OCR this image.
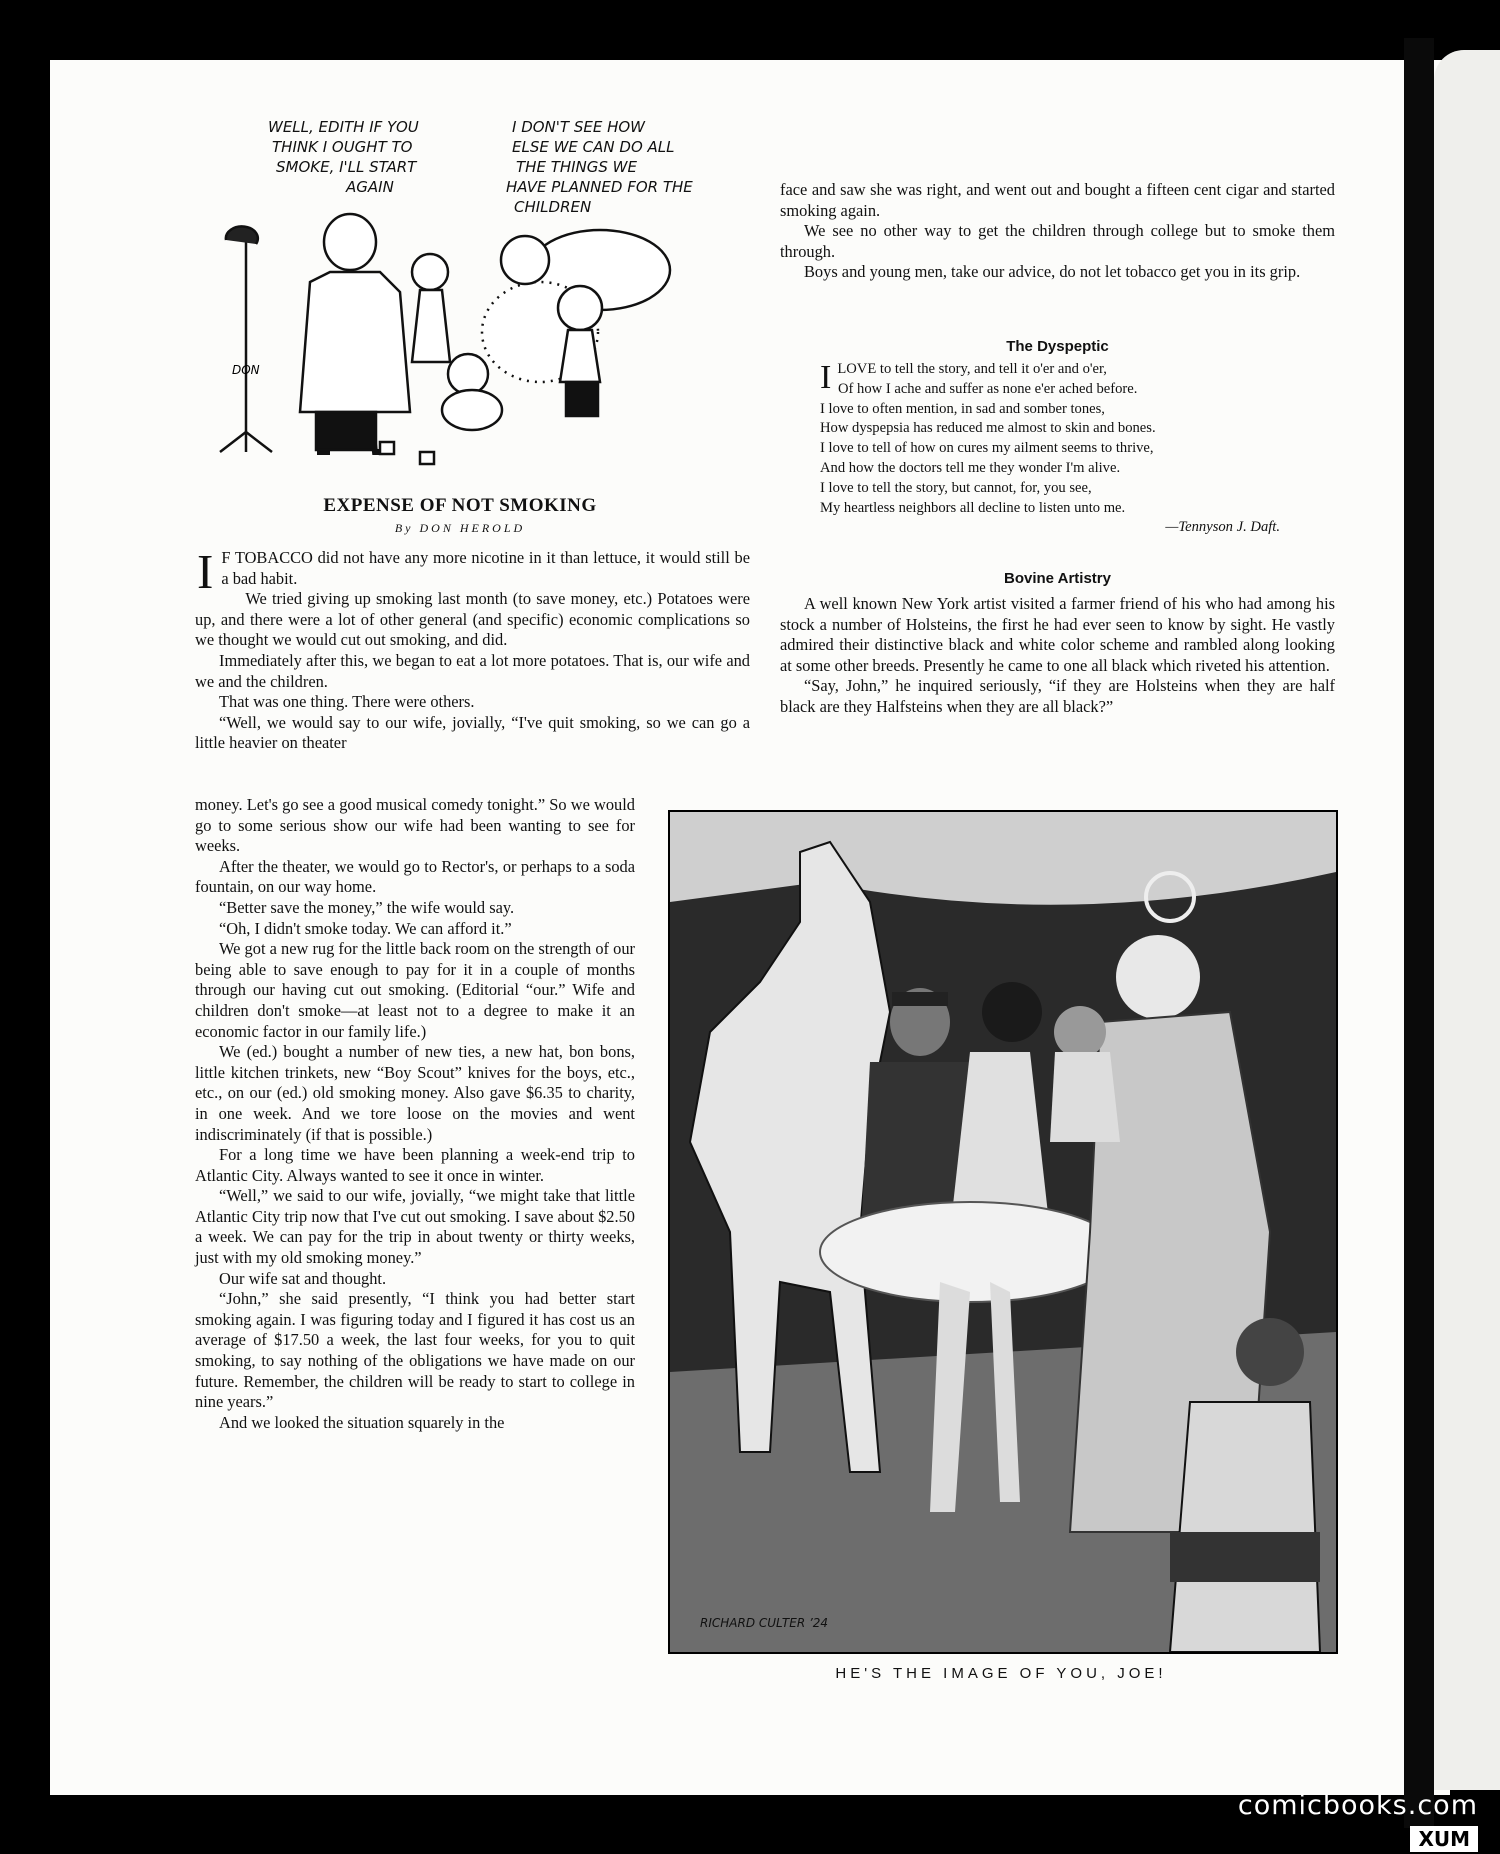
WELL, EDITH IF YOU
THINK I OUGHT TO
SMOKE, I'LL START
AGAIN
I DON'T SEE HOW
ELSE WE CAN DO ALL
THE THINGS WE
HAVE PLANNED FOR THE
CHILDREN
DON
EXPENSE OF NOT SMOKING
By DON HEROLD

I F TOBACCO did not have any more nicotine in it than lettuce, it would still be a bad habit.

We tried giving up smoking last month (to save money, etc.) Potatoes were up, and there were a lot of other general (and specific) economic complications so we thought we would cut out smoking, and did.

Immediately after this, we began to eat a lot more potatoes. That is, our wife and we and the children.

That was one thing. There were others.

“Well, we would say to our wife, jovially, “I've quit smoking, so we can go a little heavier on theater

money. Let's go see a good musical comedy tonight.” So we would go to some serious show our wife had been wanting to see for weeks.

After the theater, we would go to Rector's, or perhaps to a soda fountain, on our way home.

“Better save the money,” the wife would say.

“Oh, I didn't smoke today. We can afford it.”

We got a new rug for the little back room on the strength of our being able to save enough to pay for it in a couple of months through our having cut out smoking. (Editorial “our.” Wife and children don't smoke—at least not to a degree to make it an economic factor in our family life.)

We (ed.) bought a number of new ties, a new hat, bon bons, little kitchen trinkets, new “Boy Scout” knives for the boys, etc., etc., on our (ed.) old smoking money. Also gave $6.35 to charity, in one week. And we tore loose on the movies and went indiscriminately (if that is possible.)

For a long time we have been planning a week-end trip to Atlantic City. Always wanted to see it once in winter.

“Well,” we said to our wife, jovially, “we might take that little Atlantic City trip now that I've cut out smoking. I save about $2.50 a week. We can pay for the trip in about twenty or thirty weeks, just with my old smoking money.”

Our wife sat and thought.

“John,” she said presently, “I think you had better start smoking again. I was figuring today and I figured it has cost us an average of $17.50 a week, the last four weeks, for you to quit smoking, to say nothing of the obligations we have made on our future. Remember, the children will be ready to start to college in nine years.”

And we looked the situation squarely in the

face and saw she was right, and went out and bought a fifteen cent cigar and started smoking again.

We see no other way to get the children through college but to smoke them through.

Boys and young men, take our advice, do not let tobacco get you in its grip.

The Dyspeptic
ILOVE to tell the story, and tell it o'er and o'er,
Of how I ache and suffer as none e'er ached before.
I love to often mention, in sad and somber tones,
How dyspepsia has reduced me almost to skin and bones.
I love to tell of how on cures my ailment seems to thrive,
And how the doctors tell me they wonder I'm alive.
I love to tell the story, but cannot, for, you see,
My heartless neighbors all decline to listen unto me.
—Tennyson J. Daft.
Bovine Artistry

A well known New York artist visited a farmer friend of his who had among his stock a number of Holsteins, the first he had ever seen to know by sight. He vastly admired their distinctive black and white color scheme and rambled along looking at some other breeds. Presently he came to one all black which riveted his attention.

“Say, John,” he inquired seriously, “if they are Holsteins when they are half black are they Halfsteins when they are all black?”

RICHARD CULTER ’24
HE'S THE IMAGE OF YOU, JOE!
comicbooks.com
XUM
